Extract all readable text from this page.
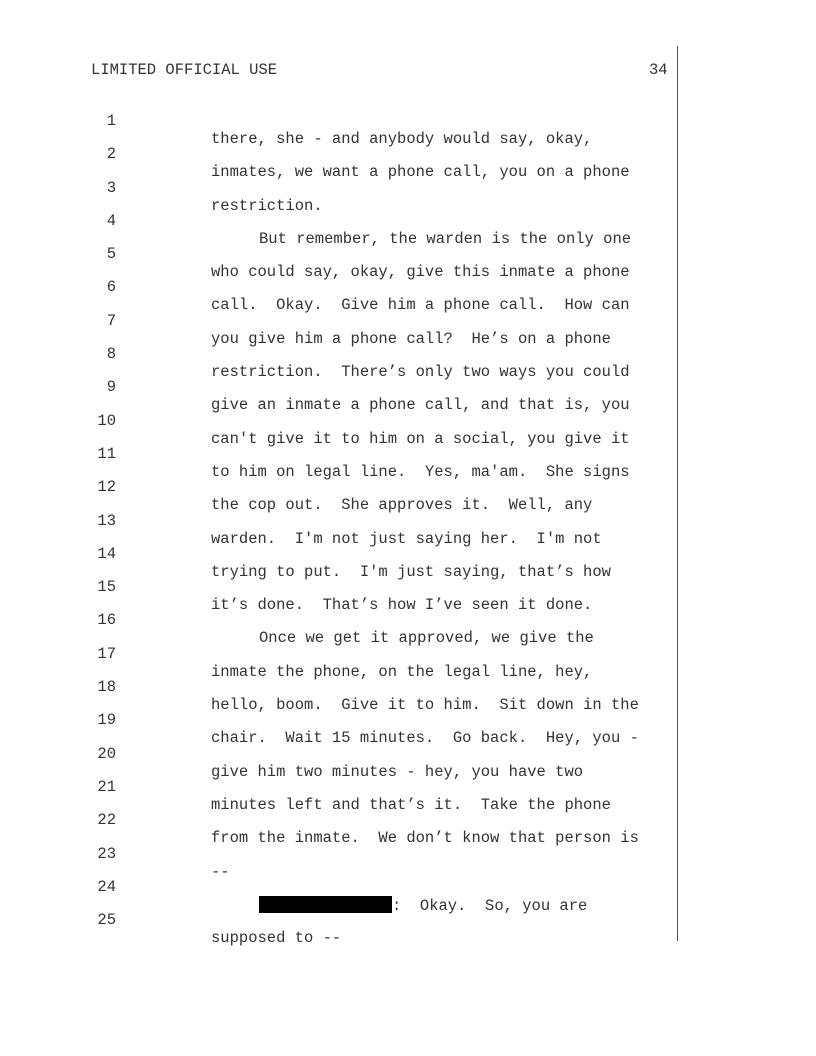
LIMITED OFFICIAL USE	34

1

there, she - and anybody would say, okay,

2

inmates, we want a phone call, you on a phone

3

restriction.

4

But remember, the warden is the only one

5

who could say, okay, give this inmate a phone

6

call.  Okay.  Give him a phone call.  How can

7

you give him a phone call?  He’s on a phone

8

restriction.  There’s only two ways you could

9

give an inmate a phone call, and that is, you

10

can't give it to him on a social, you give it

11

to him on legal line.  Yes, ma'am.  She signs

12

the cop out.  She approves it.  Well, any

13

warden.  I'm not just saying her.  I'm not

14

trying to put.  I'm just saying, that’s how

15

it’s done.  That’s how I’ve seen it done.

16

Once we get it approved, we give the

17

inmate the phone, on the legal line, hey,

18

hello, boom.  Give it to him.  Sit down in the

19

chair.  Wait 15 minutes.  Go back.  Hey, you -

20

give him two minutes - hey, you have two

21

minutes left and that’s it.  Take the phone

22

from the inmate.  We don’t know that person is

23

--

24

:  Okay.  So, you are

25

supposed to --
